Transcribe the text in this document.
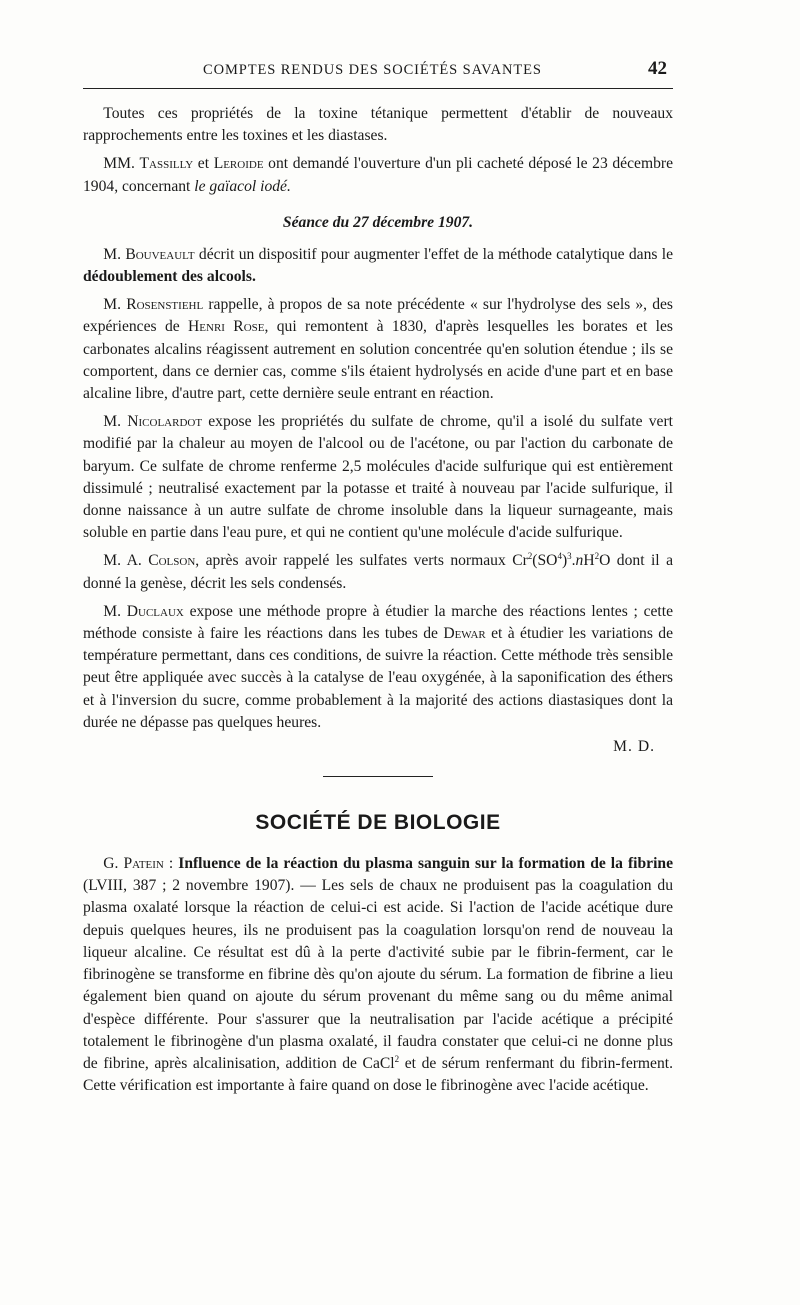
COMPTES RENDUS DES SOCIÉTÉS SAVANTES	42

Toutes ces propriétés de la toxine tétanique permettent d'établir de nouveaux rapprochements entre les toxines et les diastases.

MM. Tassilly et Leroide ont demandé l'ouverture d'un pli cacheté déposé le 23 décembre 1904, concernant le gaïacol iodé.

Séance du 27 décembre 1907.

M. Bouveault décrit un dispositif pour augmenter l'effet de la méthode catalytique dans le dédoublement des alcools.

M. Rosenstiehl rappelle, à propos de sa note précédente « sur l'hydrolyse des sels », des expériences de Henri Rose, qui remontent à 1830, d'après lesquelles les borates et les carbonates alcalins réagissent autrement en solution concentrée qu'en solution étendue ; ils se comportent, dans ce dernier cas, comme s'ils étaient hydrolysés en acide d'une part et en base alcaline libre, d'autre part, cette dernière seule entrant en réaction.

M. Nicolardot expose les propriétés du sulfate de chrome, qu'il a isolé du sulfate vert modifié par la chaleur au moyen de l'alcool ou de l'acétone, ou par l'action du carbonate de baryum. Ce sulfate de chrome renferme 2,5 molécules d'acide sulfurique qui est entièrement dissimulé ; neutralisé exactement par la potasse et traité à nouveau par l'acide sulfurique, il donne naissance à un autre sulfate de chrome insoluble dans la liqueur surnageante, mais soluble en partie dans l'eau pure, et qui ne contient qu'une molécule d'acide sulfurique.

M. A. Colson, après avoir rappelé les sulfates verts normaux $Cr^2(SO^4)^3.nH^2O$ dont il a donné la genèse, décrit les sels condensés.

M. Duclaux expose une méthode propre à étudier la marche des réactions lentes ; cette méthode consiste à faire les réactions dans les tubes de Dewar et à étudier les variations de température permettant, dans ces conditions, de suivre la réaction. Cette méthode très sensible peut être appliquée avec succès à la catalyse de l'eau oxygénée, à la saponification des éthers et à l'inversion du sucre, comme probablement à la majorité des actions diastasiques dont la durée ne dépasse pas quelques heures.

M. D.
SOCIÉTÉ DE BIOLOGIE

G. Patein : Influence de la réaction du plasma sanguin sur la formation de la fibrine (LVIII, 387 ; 2 novembre 1907). — Les sels de chaux ne produisent pas la coagulation du plasma oxalaté lorsque la réaction de celui-ci est acide. Si l'action de l'acide acétique dure depuis quelques heures, ils ne produisent pas la coagulation lorsqu'on rend de nouveau la liqueur alcaline. Ce résultat est dû à la perte d'activité subie par le fibrin-ferment, car le fibrinogène se transforme en fibrine dès qu'on ajoute du sérum. La formation de fibrine a lieu également bien quand on ajoute du sérum provenant du même sang ou du même animal d'espèce différente. Pour s'assurer que la neutralisation par l'acide acétique a précipité totalement le fibrinogène d'un plasma oxalaté, il faudra constater que celui-ci ne donne plus de fibrine, après alcalinisation, addition de CaCl$^2$ et de sérum renfermant du fibrin-ferment. Cette vérification est importante à faire quand on dose le fibrinogène avec l'acide acétique.
